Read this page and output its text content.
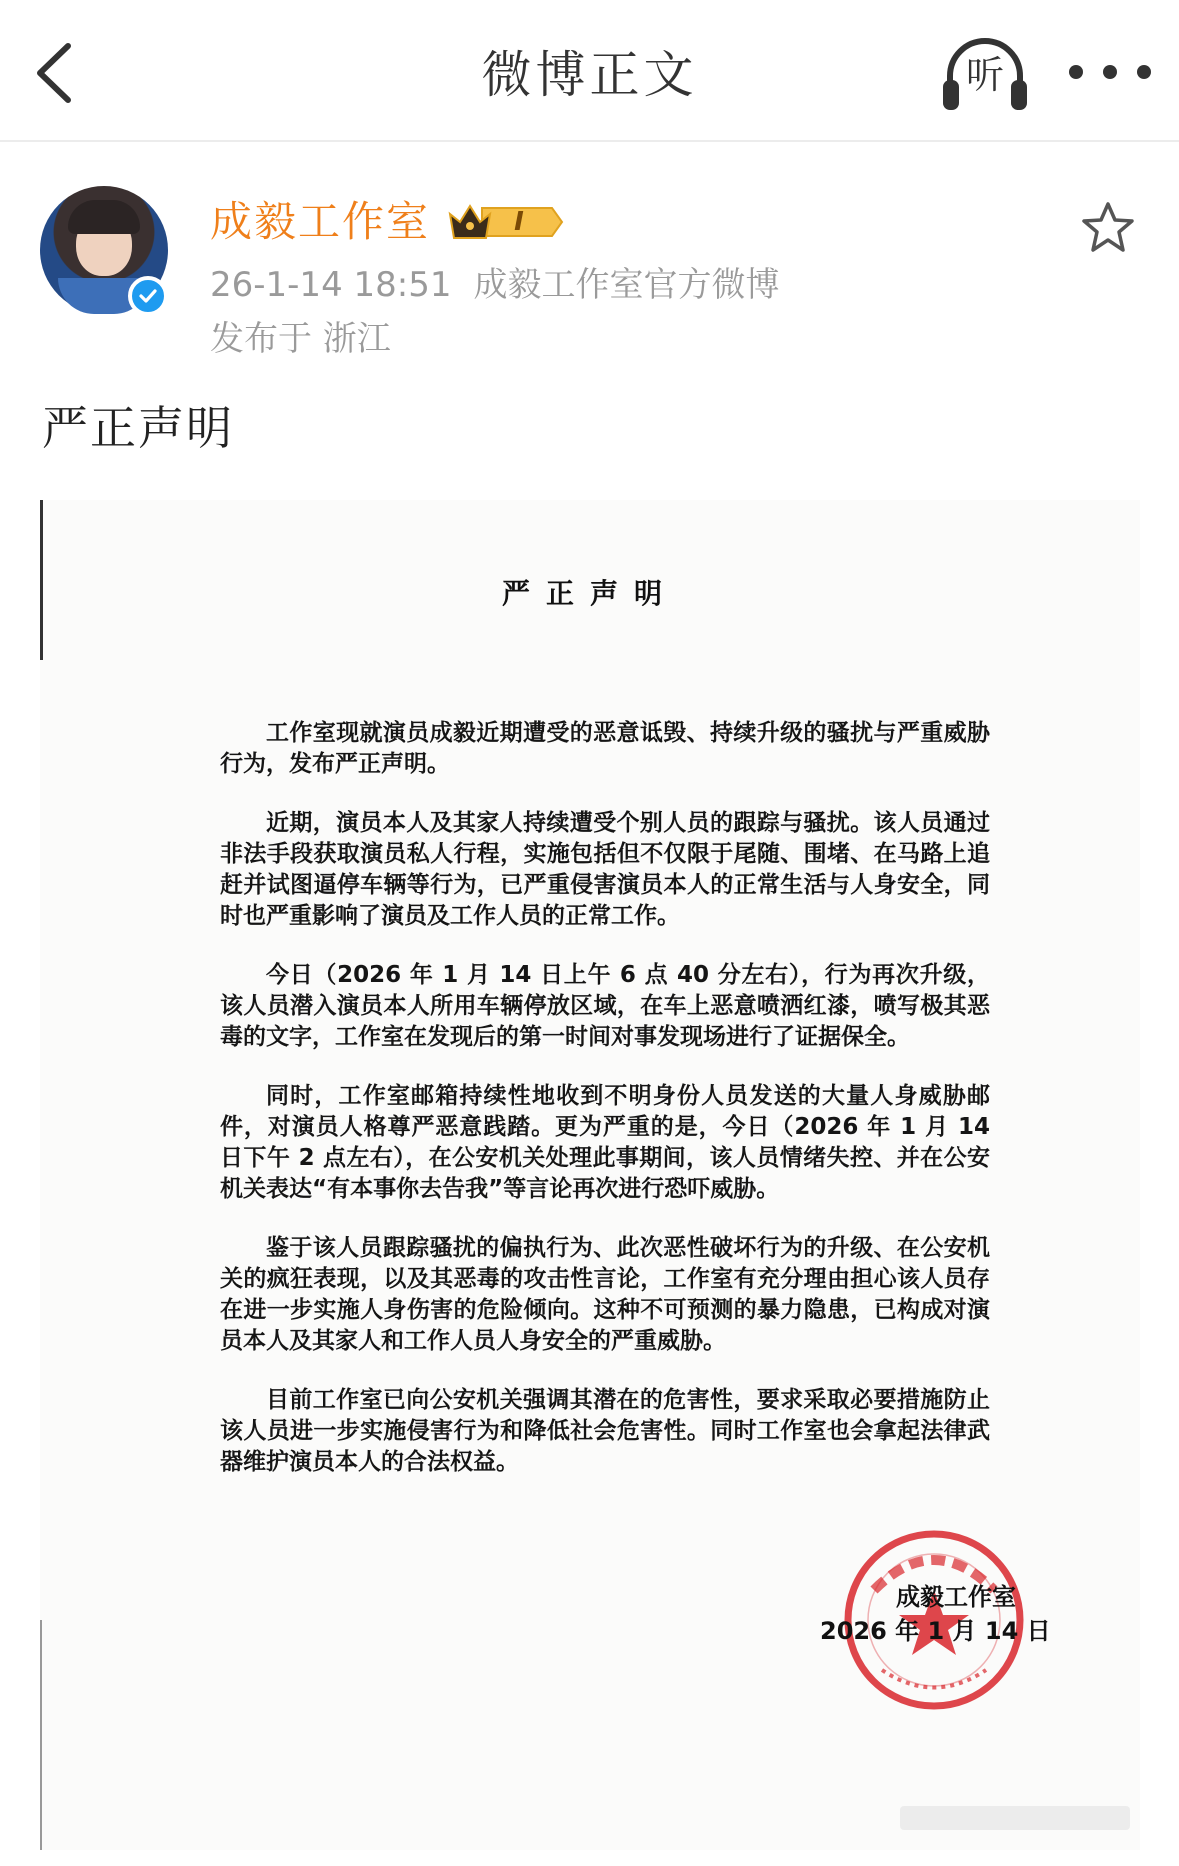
微博正文	听
成毅工作室	I
26-1-14 18:51 成毅工作室官方微博
发布于 浙江
严正声明
严正声明

工作室现就演员成毅近期遭受的恶意诋毁、持续升级的骚扰与严重威胁行为，发布严正声明。

近期，演员本人及其家人持续遭受个别人员的跟踪与骚扰。该人员通过非法手段获取演员私人行程，实施包括但不仅限于尾随、围堵、在马路上追赶并试图逼停车辆等行为，已严重侵害演员本人的正常生活与人身安全，同时也严重影响了演员及工作人员的正常工作。

今日（2026 年 1 月 14 日上午 6 点 40 分左右），行为再次升级，该人员潜入演员本人所用车辆停放区域，在车上恶意喷洒红漆，喷写极其恶毒的文字，工作室在发现后的第一时间对事发现场进行了证据保全。

同时，工作室邮箱持续性地收到不明身份人员发送的大量人身威胁邮件，对演员人格尊严恶意践踏。更为严重的是，今日（2026 年 1 月 14 日下午 2 点左右），在公安机关处理此事期间，该人员情绪失控、并在公安机关表达“有本事你去告我”等言论再次进行恐吓威胁。

鉴于该人员跟踪骚扰的偏执行为、此次恶性破坏行为的升级、在公安机关的疯狂表现，以及其恶毒的攻击性言论，工作室有充分理由担心该人员存在进一步实施人身伤害的危险倾向。这种不可预测的暴力隐患，已构成对演员本人及其家人和工作人员人身安全的严重威胁。

目前工作室已向公安机关强调其潜在的危害性，要求采取必要措施防止该人员进一步实施侵害行为和降低社会危害性。同时工作室也会拿起法律武器维护演员本人的合法权益。

成毅工作室
2026 年 1 月 14 日
